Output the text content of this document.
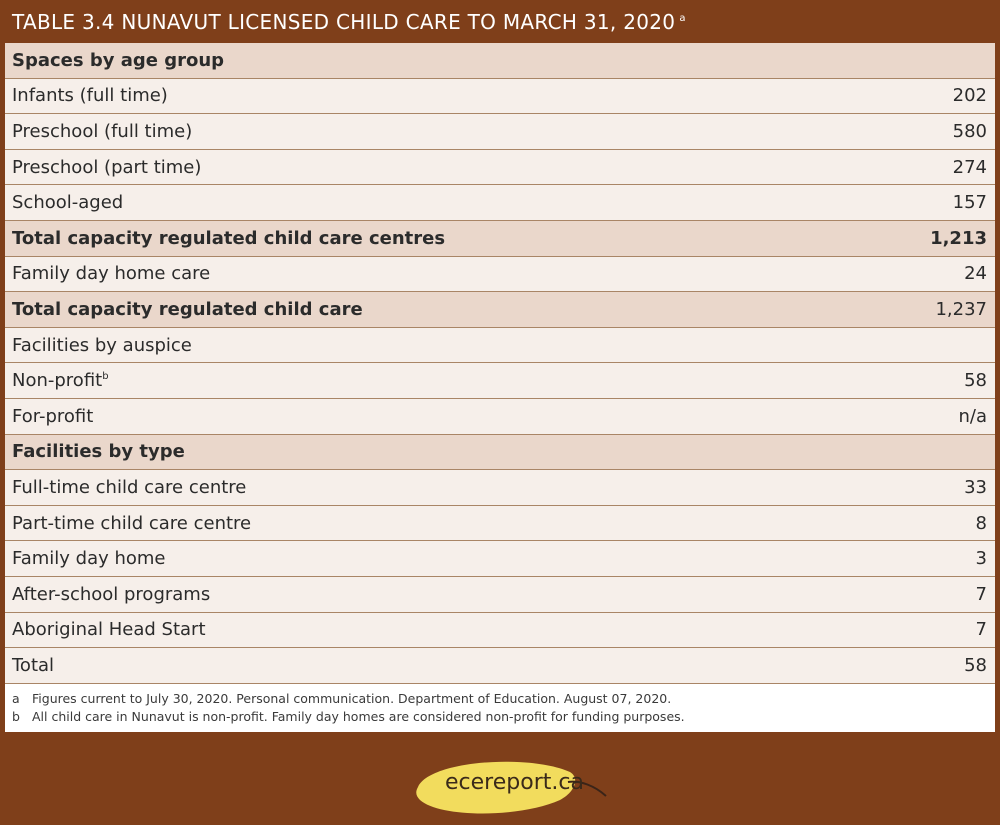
TABLE 3.4 NUNAVUT LICENSED CHILD CARE TO MARCH 31, 2020 $^a$
Spaces by age group
Infants (full time)	202
Preschool (full time)	580
Preschool (part time)	274
School-aged	157
Total capacity regulated child care centres	1,213
Family day home care	24
Total capacity regulated child care	1,237
Facilities by auspice
Non-profit$^b$	58
For-profit	n/a
Facilities by type
Full-time child care centre	33
Part-time child care centre	8
Family day home	3
After-school programs	7
Aboriginal Head Start	7
Total	58
a Figures current to July 30, 2020. Personal communication. Department of Education. August 07, 2020.
b All child care in Nunavut is non-profit. Family day homes are considered non-profit for funding purposes.
ecereport.ca
